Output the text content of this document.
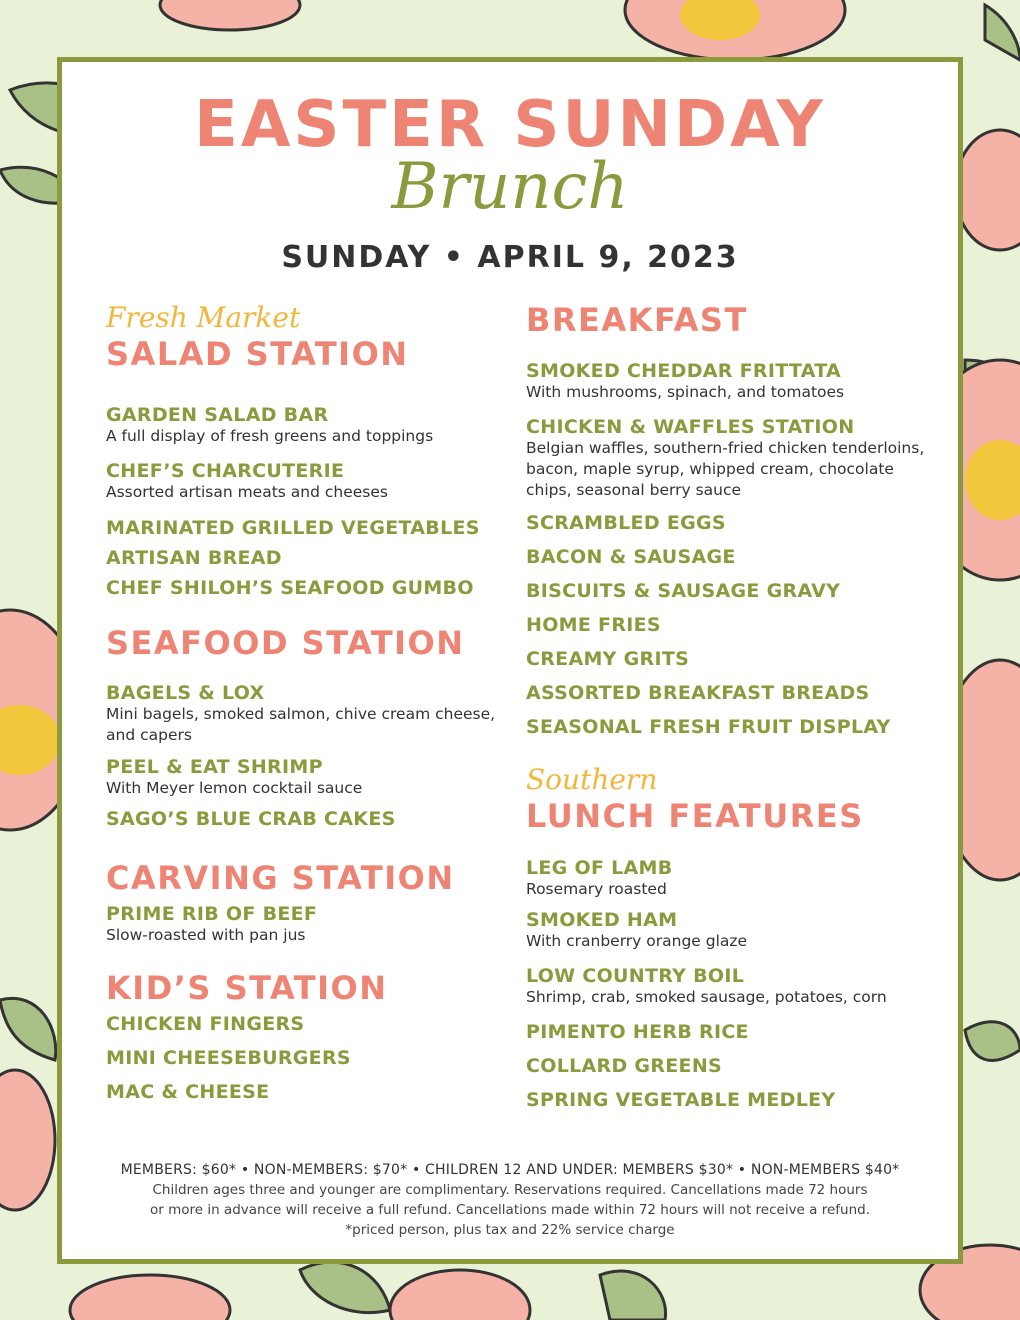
EASTER SUNDAY
Brunch
SUNDAY • APRIL 9, 2023
Fresh Market
SALAD STATION
GARDEN SALAD BAR
A full display of fresh greens and toppings
CHEF’S CHARCUTERIE
Assorted artisan meats and cheeses
MARINATED GRILLED VEGETABLES
ARTISAN BREAD
CHEF SHILOH’S SEAFOOD GUMBO
SEAFOOD STATION
BAGELS & LOX
Mini bagels, smoked salmon, chive cream cheese, and capers
PEEL & EAT SHRIMP
With Meyer lemon cocktail sauce
SAGO’S BLUE CRAB CAKES
CARVING STATION
PRIME RIB OF BEEF
Slow-roasted with pan jus
KID’S STATION
CHICKEN FINGERS
MINI CHEESEBURGERS
MAC & CHEESE
BREAKFAST
SMOKED CHEDDAR FRITTATA
With mushrooms, spinach, and tomatoes
CHICKEN & WAFFLES STATION
Belgian waffles, southern-fried chicken tenderloins, bacon, maple syrup, whipped cream, chocolate chips, seasonal berry sauce
SCRAMBLED EGGS
BACON & SAUSAGE
BISCUITS & SAUSAGE GRAVY
HOME FRIES
CREAMY GRITS
ASSORTED BREAKFAST BREADS
SEASONAL FRESH FRUIT DISPLAY
Southern
LUNCH FEATURES
LEG OF LAMB
Rosemary roasted
SMOKED HAM
With cranberry orange glaze
LOW COUNTRY BOIL
Shrimp, crab, smoked sausage, potatoes, corn
PIMENTO HERB RICE
COLLARD GREENS
SPRING VEGETABLE MEDLEY
MEMBERS: $60* • NON-MEMBERS: $70* • CHILDREN 12 AND UNDER: MEMBERS $30* • NON-MEMBERS $40*
Children ages three and younger are complimentary. Reservations required. Cancellations made 72 hours
or more in advance will receive a full refund. Cancellations made within 72 hours will not receive a refund.
*priced person, plus tax and 22% service charge
